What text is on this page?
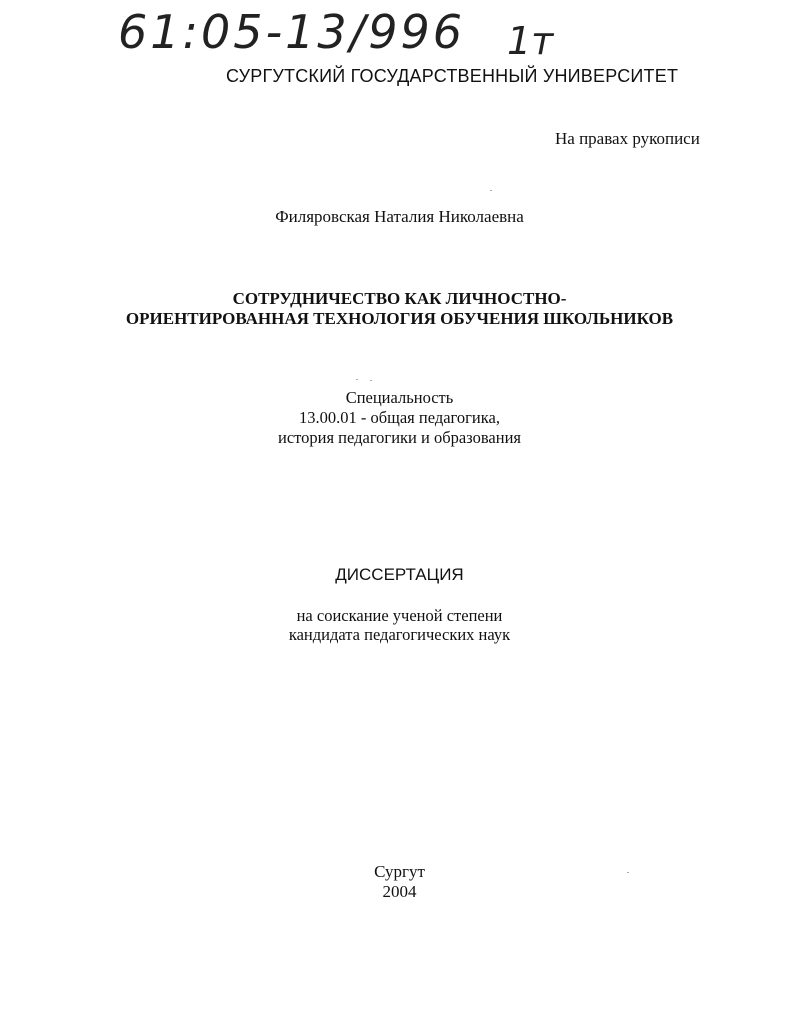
61:05-13/996 1т
СУРГУТСКИЙ ГОСУДАРСТВЕННЫЙ УНИВЕРСИТЕТ
На правах рукописи
Филяровская Наталия Николаевна
СОТРУДНИЧЕСТВО КАК ЛИЧНОСТНО-
ОРИЕНТИРОВАННАЯ ТЕХНОЛОГИЯ ОБУЧЕНИЯ ШКОЛЬНИКОВ
Специальность
13.00.01 - общая педагогика,
история педагогики и образования
ДИССЕРТАЦИЯ
на соискание ученой степени
кандидата педагогических наук
Сургут
2004
